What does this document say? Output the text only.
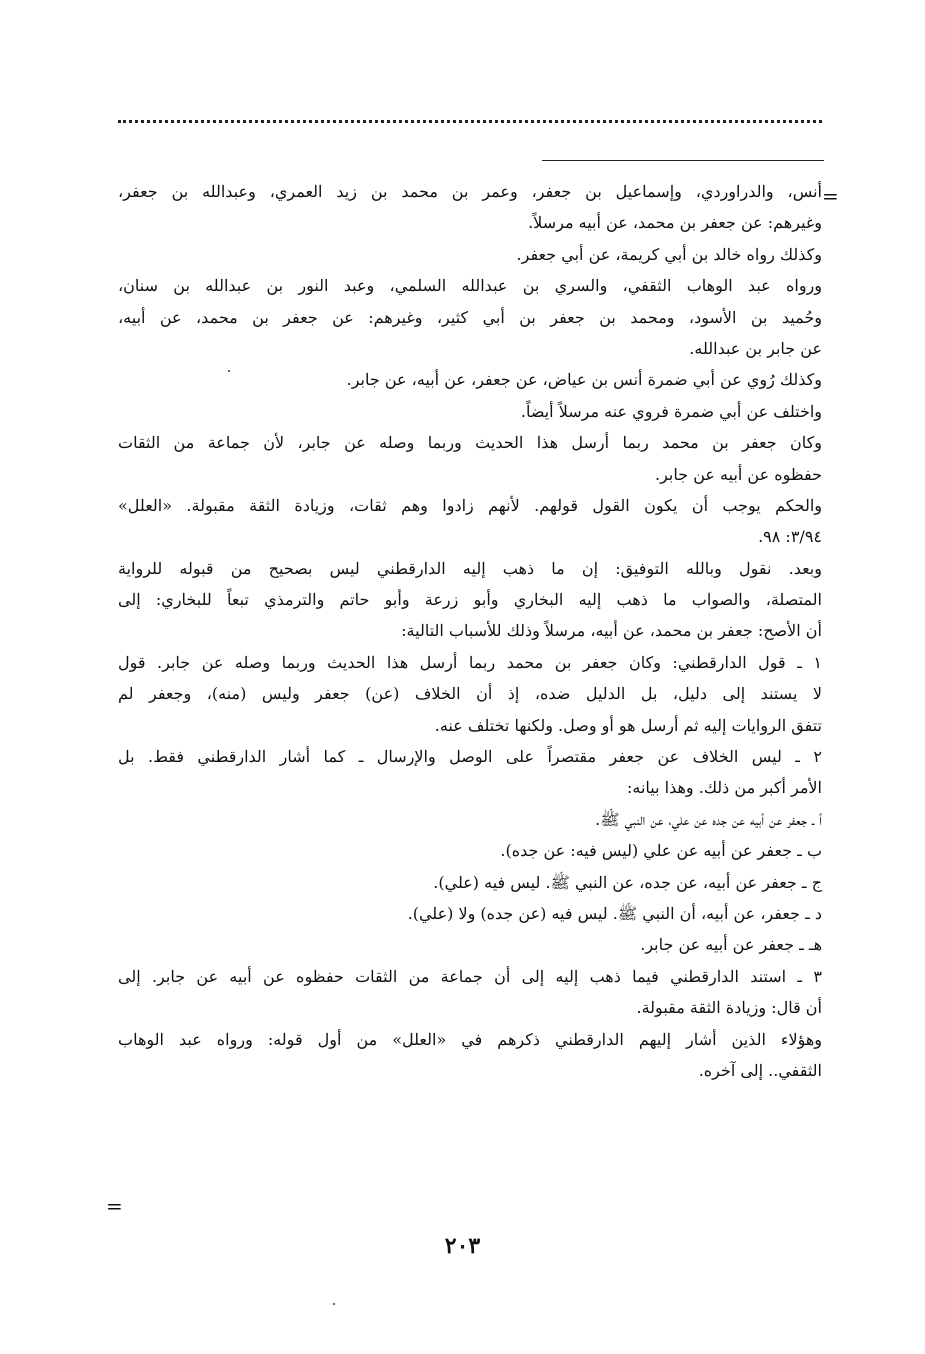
=
=
أنس، والدراوردي، وإسماعيل بن جعفر، وعمر بن محمد بن زيد العمري، وعبدالله بن جعفر،
وغيرهم: عن جعفر بن محمد، عن أبيه مرسلاً.
وكذلك رواه خالد بن أبي كريمة، عن أبي جعفر.
ورواه عبد الوهاب الثقفي، والسري بن عبدالله السلمي، وعبد النور بن عبدالله بن سنان،
وحُميد بن الأسود، ومحمد بن جعفر بن أبي كثير، وغيرهم: عن جعفر بن محمد، عن أبيه،
عن جابر بن عبدالله.
وكذلك رُوي عن أبي ضمرة أنس بن عياض، عن جعفر، عن أبيه، عن جابر.
واختلف عن أبي ضمرة فروي عنه مرسلاً أيضاً.
وكان جعفر بن محمد ربما أرسل هذا الحديث وربما وصله عن جابر، لأن جماعة من الثقات
حفظوه عن أبيه عن جابر.
والحكم يوجب أن يكون القول قولهم. لأنهم زادوا وهم ثقات، وزيادة الثقة مقبولة. «العلل»
٣/٩٤: ٩٨.
وبعد. نقول وبالله التوفيق: إن ما ذهب إليه الدارقطني ليس بصحيح من قبوله للرواية
المتصلة، والصواب ما ذهب إليه البخاري وأبو زرعة وأبو حاتم والترمذي تبعاً للبخاري: إلى
أن الأصح: جعفر بن محمد، عن أبيه، مرسلاً وذلك للأسباب التالية:
١ ـ قول الدارقطني: وكان جعفر بن محمد ربما أرسل هذا الحديث وربما وصله عن جابر. قول
لا يستند إلى دليل، بل الدليل ضده، إذ أن الخلاف (عن) جعفر وليس (منه)، وجعفر لم
تتفق الروايات إليه ثم أرسل هو أو وصل. ولكنها تختلف عنه.
٢ ـ ليس الخلاف عن جعفر مقتصراً على الوصل والإرسال ـ كما أشار الدارقطني فقط. بل
الأمر أكبر من ذلك. وهذا بيانه:
أ ـ جعفر عن أبيه عن جده عن علي، عن النبي ﷺ.
ب ـ جعفر عن أبيه عن علي (ليس فيه: عن جده).
ج ـ جعفر عن أبيه، عن جده، عن النبي ﷺ. ليس فيه (علي).
د ـ جعفر، عن أبيه، أن النبي ﷺ. ليس فيه (عن جده) ولا (علي).
هـ ـ جعفر عن أبيه عن جابر.
٣ ـ استند الدارقطني فيما ذهب إليه إلى أن جماعة من الثقات حفظوه عن أبيه عن جابر. إلى
أن قال: وزيادة الثقة مقبولة.
وهؤلاء الذين أشار إليهم الدارقطني ذكرهم في «العلل» من أول قوله: ورواه عبد الوهاب
الثقفي.. إلى آخره.
٢٠٣
